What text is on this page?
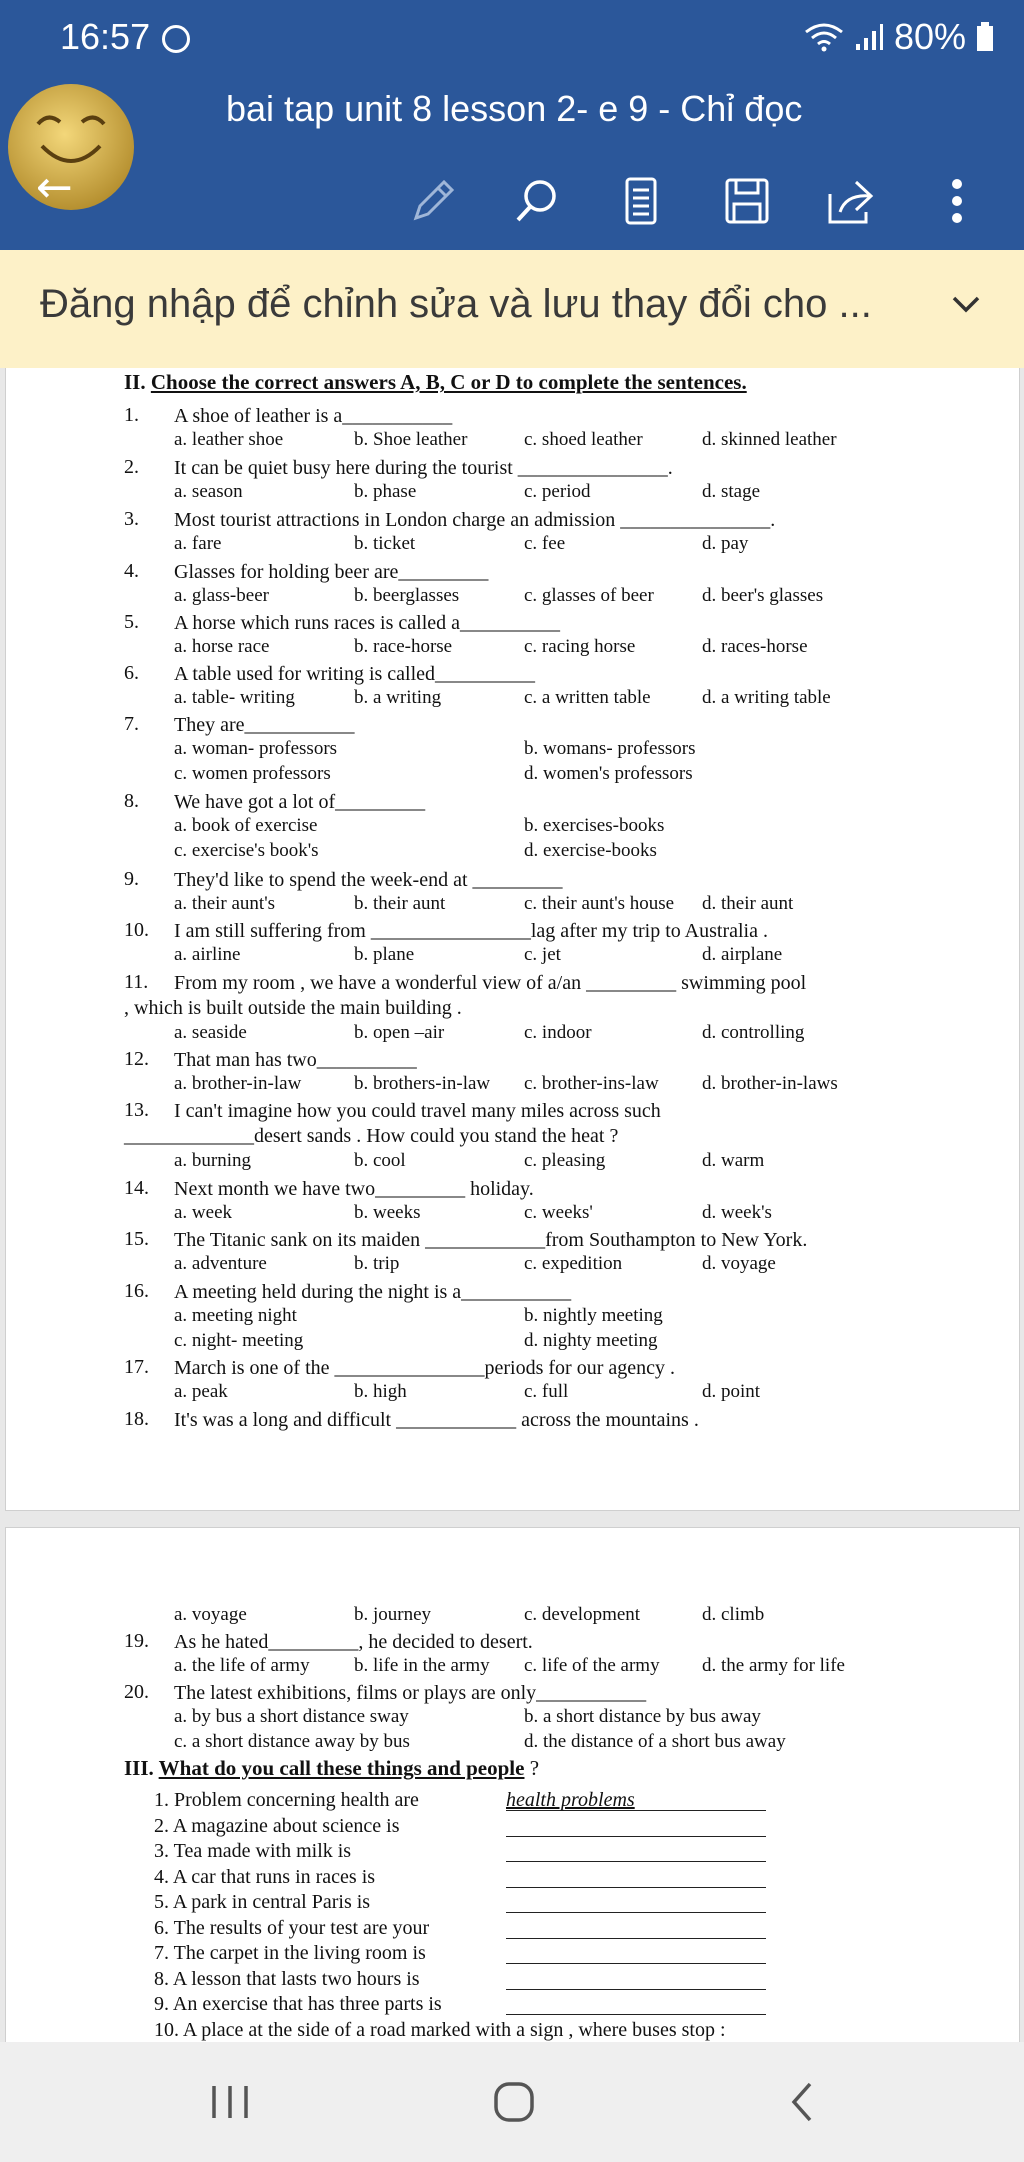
16:57	80%
←
bai tap unit 8 lesson 2- e 9 - Chỉ đọc
Đăng nhập để chỉnh sửa và lưu thay đổi cho ...
II. Choose the correct answers A, B, C or D to complete the sentences.
1. A shoe of leather is a___________
a. leather shoe	b. Shoe leather	c. shoed leather	d. skinned leather
2. It can be quiet busy here during the tourist _______________.
a. season	b. phase	c. period	d. stage
3. Most tourist attractions in London charge an admission _______________.
a. fare	b. ticket	c. fee	d. pay
4. Glasses for holding beer are_________
a. glass-beer	b. beerglasses	c. glasses of beer	d. beer's glasses
5. A horse which runs races is called a__________
a. horse race	b. race-horse	c. racing horse	d. races-horse
6. A table used for writing is called__________
a. table- writing	b. a writing	c. a written table	d. a writing table
7. They are___________
a. woman- professors	b. womans- professors
c. women professors	d. women's professors
8. We have got a lot of_________
a. book of exercise	b. exercises-books
c. exercise's book's	d. exercise-books
9. They'd like to spend the week-end at _________
a. their aunt's	b. their aunt	c. their aunt's house d. their aunt
10. I am still suffering from ________________lag after my trip to Australia .
a. airline	b. plane	c. jet	d. airplane
11. From my room , we have a wonderful view of a/an _________ swimming pool
, which is built outside the main building .
a. seaside	b. open –air	c. indoor	d. controlling
12. That man has two__________
a. brother-in-law	b. brothers-in-law c. brother-ins-law d. brother-in-laws
13. I can't imagine how you could travel many miles across such
_____________desert sands . How could you stand the heat ?
a. burning	b. cool	c. pleasing	d. warm
14. Next month we have two_________ holiday.
a. week	b. weeks	c. weeks'	d. week's
15. The Titanic sank on its maiden ____________from Southampton to New York.
a. adventure	b. trip	c. expedition	d. voyage
16. A meeting held during the night is a___________
a. meeting night	b. nightly meeting
c. night- meeting	d. nighty meeting
17. March is one of the _______________periods for our agency .
a. peak	b. high	c. full	d. point
18. It's was a long and difficult ____________ across the mountains .
a. voyage	b. journey	c. development	d. climb
19. As he hated_________, he decided to desert.
a. the life of army b. life in the army c. life of the army d. the army for life
20. The latest exhibitions, films or plays are only___________
a. by bus a short distance sway	b. a short distance by bus away
c. a short distance away by bus	d. the distance of a short bus away
III. What do you call these things and people ?
1. Problem concerning health are	health problems
2. A magazine about science is
3. Tea made with milk is
4. A car that runs in races is
5. A park in central Paris is
6. The results of your test are your
7. The carpet in the living room is
8. A lesson that lasts two hours is
9. An exercise that has three parts is
10. A place at the side of a road marked with a sign , where buses stop :
